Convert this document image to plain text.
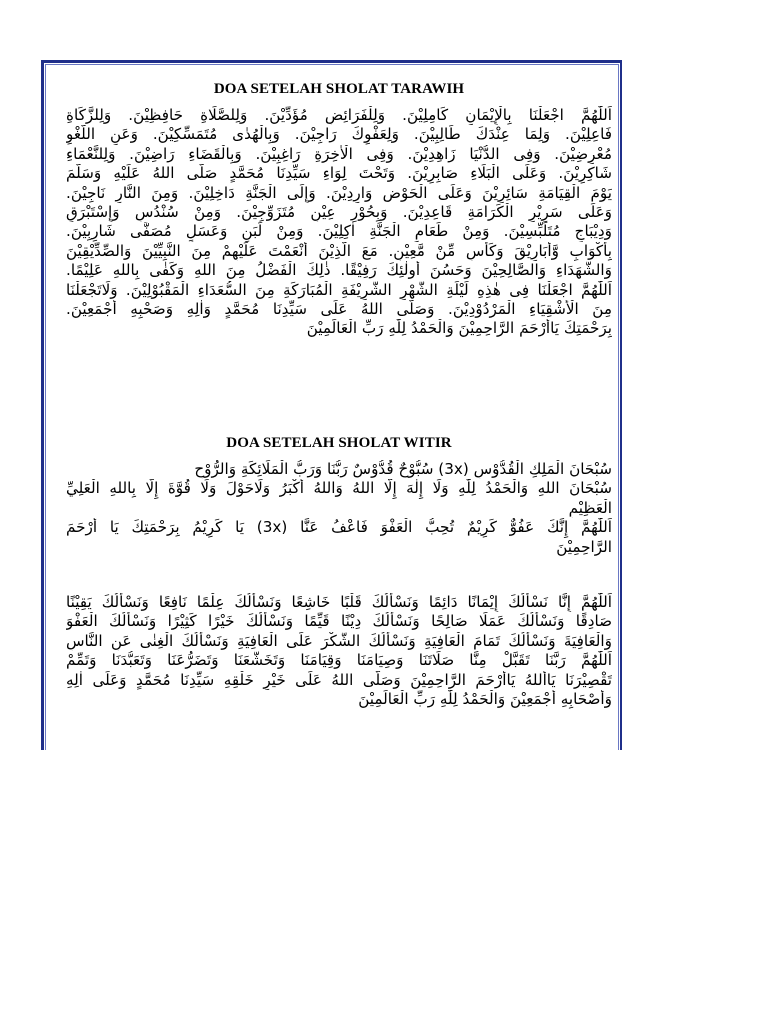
DOA SETELAH SHOLAT TARAWIH
اَللّٰهُمَّ اجْعَلْنَا بِالْإِيْمَانِ كَامِلِيْنَ. وَلِلْفَرَائِضِ مُؤَدِّيْنَ. وَلِلصَّلَاةِ حَافِظِيْنَ. وَلِلزَّكَاةِ
فَاعِلِيْنَ. وَلِمَا عِنْدَكَ طَالِبِيْنَ. وَلِعَفْوِكَ رَاجِيْنَ. وَبِالْهُدٰى مُتَمَسِّكِيْنَ. وَعَنِ اللَّغْوِ
مُعْرِضِيْنَ. وَفِى الدُّنْيَا زَاهِدِيْنَ. وَفِى الْاٰخِرَةِ رَاغِبِيْنَ. وَبِالْقَضَاءِ رَاضِيْنَ. وَلِلنَّعْمَاءِ
شَاكِرِيْنَ. وَعَلَى الْبَلَاءِ صَابِرِيْنَ. وَتَحْتَ لِوَاءِ سَيِّدِنَا مُحَمَّدٍ صَلَّى اللهُ عَلَيْهِ وَسَلَّمَ
يَوْمَ الْقِيَامَةِ سَائِرِيْنَ وَعَلَى الْحَوْضِ وَارِدِيْنَ. وَإِلَى الْجَنَّةِ دَاخِلِيْنَ. وَمِنَ النَّارِ نَاجِيْنَ.
وَعَلَى سَرِيْرِ الْكَرَامَةِ قَاعِدِيْنَ. وَبِحُوْرٍ عِيْنٍ مُتَزَوِّجِيْنَ. وَمِنْ سُنْدُسٍ وَإِسْتَبْرَقٍ
وَدِيْبَاجٍ مُتَلَبِّسِيْنَ. وَمِنْ طَعَامِ الْجَنَّةِ اٰكِلِيْنَ. وَمِنْ لَبَنٍ وَعَسَلٍ مُصَفًّى شَارِبِيْنَ.
بِأَكْوَابٍ وَّأَبَارِيْقَ وَكَأْسٍ مِّنْ مَّعِيْنٍ. مَعَ الَّذِيْنَ أَنْعَمْتَ عَلَيْهِمْ مِنَ النَّبِيِّيْنَ وَالصِّدِّيْقِيْنَ
وَالشُّهَدَاءِ وَالصَّالِحِيْنَ وَحَسُنَ أُولٰئِكَ رَفِيْقًا. ذٰلِكَ الْفَضْلُ مِنَ اللهِ وَكَفٰى بِاللهِ عَلِيْمًا.
اَللّٰهُمَّ اجْعَلْنَا فِى هٰذِهِ لَيْلَةِ الشَّهْرِ الشَّرِيْفَةِ الْمُبَارَكَةِ مِنَ السُّعَدَاءِ الْمَقْبُوْلِيْنَ. وَلَاتَجْعَلْنَا
مِنَ الْأَشْقِيَاءِ الْمَرْدُوْدِيْنَ. وَصَلَّى اللهُ عَلَى سَيِّدِنَا مُحَمَّدٍ وَاٰلِهِ وَصَحْبِهِ أَجْمَعِيْنَ.
بِرَحْمَتِكَ يَاأَرْحَمَ الرَّاحِمِيْنَ وَالْحَمْدُ لِلّٰهِ رَبِّ الْعَالَمِيْنَ
DOA SETELAH SHOLAT WITIR
سُبْحَانَ الْمَلِكِ الْقُدُّوْسِ (3x) سُبُّوْحٌ قُدُّوْسٌ رَبُّنَا وَرَبُّ الْمَلَائِكَةِ وَالرُّوْحِ
سُبْحَانَ اللهِ وَالْحَمْدُ لِلّٰهِ وَلَا إِلٰهَ إِلَّا اللهُ وَاللهُ أَكْبَرُ وَلَاحَوْلَ وَلَا قُوَّةَ إِلَّا بِاللهِ الْعَلِيِّ
الْعَظِيْمِ
اَللّٰهُمَّ إِنَّكَ عَفُوٌّ كَرِيْمٌ تُحِبُّ الْعَفْوَ فَاعْفُ عَنَّا (3x) يَا كَرِيْمُ بِرَحْمَتِكَ يَا أَرْحَمَ
الرَّاحِمِيْنَ
اَللّٰهُمَّ إِنَّا نَسْأَلُكَ إِيْمَانًا دَائِمًا وَنَسْأَلُكَ قَلْبًا خَاشِعًا وَنَسْأَلُكَ عِلْمًا نَافِعًا وَنَسْأَلُكَ يَقِيْنًا
صَادِقًا وَنَسْأَلُكَ عَمَلًا صَالِحًا وَنَسْأَلُكَ دِيْنًا قَيِّمًا وَنَسْأَلُكَ خَيْرًا كَثِيْرًا وَنَسْأَلُكَ الْعَفْوَ
وَالْعَافِيَةَ وَنَسْأَلُكَ تَمَامَ الْعَافِيَةِ وَنَسْأَلُكَ الشُّكْرَ عَلَى الْعَافِيَةِ وَنَسْأَلُكَ الْغِنٰى عَنِ النَّاسِ
اَللّٰهُمَّ رَبَّنَا تَقَبَّلْ مِنَّا صَلَاتَنَا وَصِيَامَنَا وَقِيَامَنَا وَتَخَشُّعَنَا وَتَضَرُّعَنَا وَتَعَبُّدَنَا وَتَمِّمْ
تَقْصِيْرَنَا يَاأَللهُ يَاأَرْحَمَ الرَّاحِمِيْنَ وَصَلَّى اللهُ عَلَى خَيْرِ خَلْقِهِ سَيِّدِنَا مُحَمَّدٍ وَعَلَى اٰلِهِ
وَأَصْحَابِهِ أَجْمَعِيْنَ وَالْحَمْدُ لِلّٰهِ رَبِّ الْعَالَمِيْنَ
